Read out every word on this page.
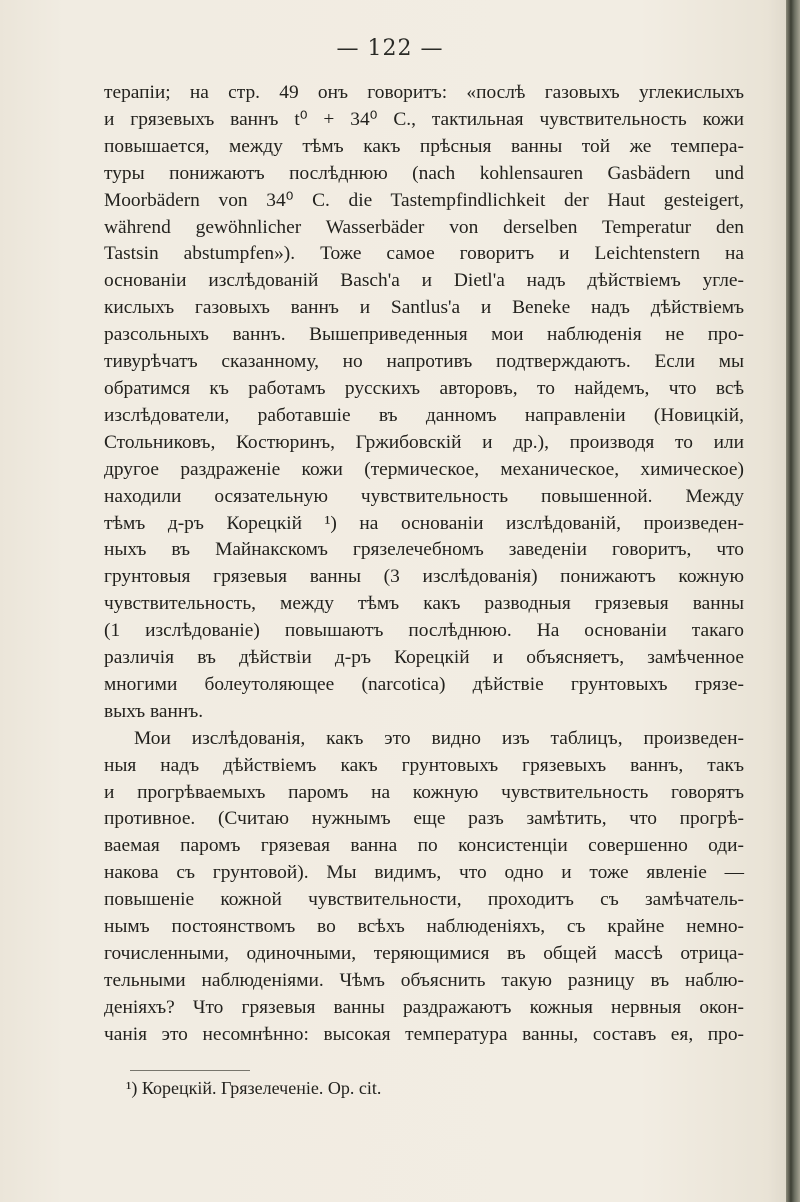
— 122 —
терапіи; на стр. 49 онъ говоритъ: «послѣ газовыхъ углекислыхъ
и грязевыхъ ваннъ t⁰ + 34⁰ С., тактильная чувствительность кожи
повышается, между тѣмъ какъ прѣсныя ванны той же темпера-
туры понижаютъ послѣднюю (nach kohlensauren Gasbädern und
Moorbädern von 34⁰ С. die Tastempfindlichkeit der Haut gesteigert,
während gewöhnlicher Wasserbäder von derselben Temperatur den
Tastsin abstumpfen»). Тоже самое говоритъ и Leichtenstern на
основаніи изслѣдованій Basch'а и Dietl'а надъ дѣйствіемъ угле-
кислыхъ газовыхъ ваннъ и Santlus'а и Beneke надъ дѣйствіемъ
разсольныхъ ваннъ. Вышеприведенныя мои наблюденія не про-
тивурѣчатъ сказанному, но напротивъ подтверждаютъ. Если мы
обратимся къ работамъ русскихъ авторовъ, то найдемъ, что всѣ
изслѣдователи, работавшіе въ данномъ направленіи (Новицкій,
Стольниковъ, Костюринъ, Гржибовскій и др.), производя то или
другое раздраженіе кожи (термическое, механическое, химическое)
находили осязательную чувствительность повышенной. Между
тѣмъ д-ръ Корецкій ¹) на основаніи изслѣдованій, произведен-
ныхъ въ Майнакскомъ грязелечебномъ заведеніи говоритъ, что
грунтовыя грязевыя ванны (3 изслѣдованія) понижаютъ кожную
чувствительность, между тѣмъ какъ разводныя грязевыя ванны
(1 изслѣдованіе) повышаютъ послѣднюю. На основаніи такаго
различія въ дѣйствіи д-ръ Корецкій и объясняетъ, замѣченное
многими болеутоляющее (narcotica) дѣйствіе грунтовыхъ грязе-
выхъ ваннъ.
Мои изслѣдованія, какъ это видно изъ таблицъ, произведен-
ныя надъ дѣйствіемъ какъ грунтовыхъ грязевыхъ ваннъ, такъ
и прогрѣваемыхъ паромъ на кожную чувствительность говорятъ
противное. (Считаю нужнымъ еще разъ замѣтить, что прогрѣ-
ваемая паромъ грязевая ванна по консистенціи совершенно оди-
накова съ грунтовой). Мы видимъ, что одно и тоже явленіе —
повышеніе кожной чувствительности, проходитъ съ замѣчатель-
нымъ постоянствомъ во всѣхъ наблюденіяхъ, съ крайне немно-
гочисленными, одиночными, теряющимися въ общей массѣ отрица-
тельными наблюденіями. Чѣмъ объяснить такую разницу въ наблю-
деніяхъ? Что грязевыя ванны раздражаютъ кожныя нервныя окон-
чанія это несомнѣнно: высокая температура ванны, составъ ея, про-
¹) Корецкій. Грязелеченіе. Ор. cit.
